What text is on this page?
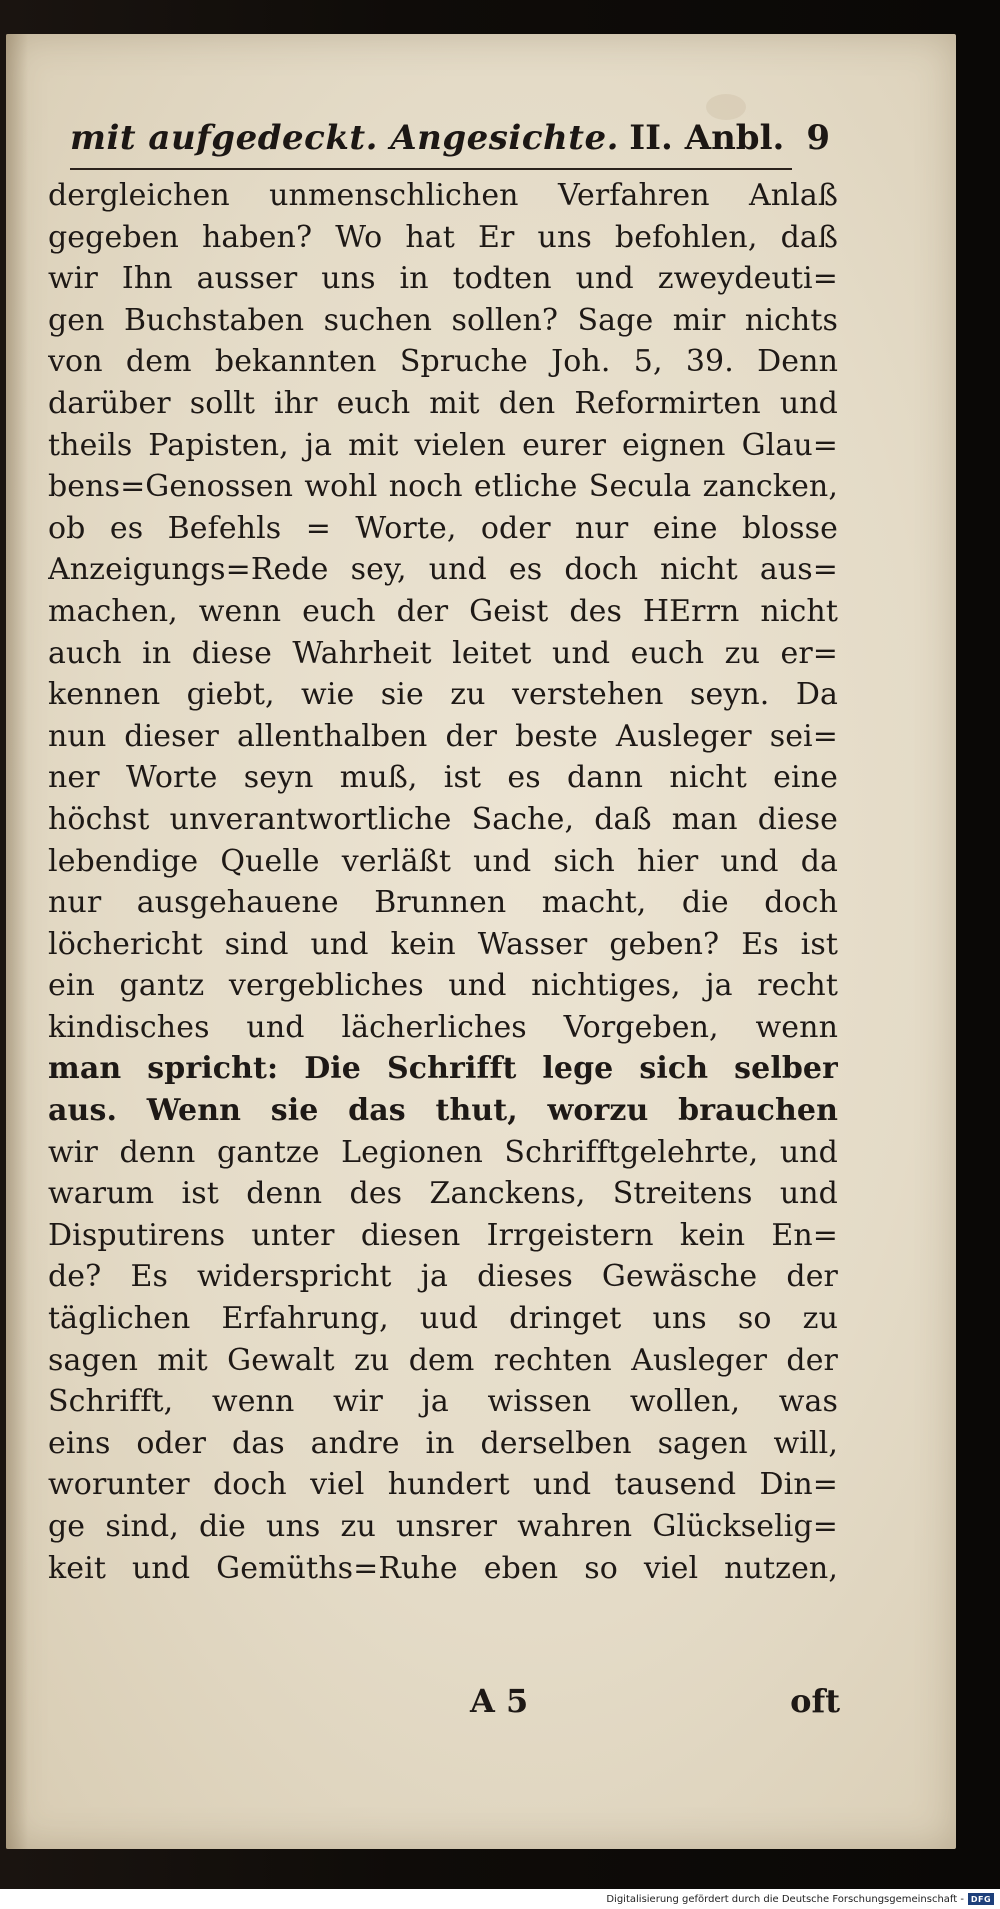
mit aufgedeckt. Angesichte. II. Anbl. 9
dergleichen unmenschlichen Verfahren Anlaß
gegeben haben? Wo hat Er uns befohlen, daß
wir Ihn ausser uns in todten und zweydeuti=
gen Buchstaben suchen sollen? Sage mir nichts
von dem bekannten Spruche Joh. 5, 39. Denn
darüber sollt ihr euch mit den Reformirten und
theils Papisten, ja mit vielen eurer eignen Glau=
bens=Genossen wohl noch etliche Secula zancken,
ob es Befehls = Worte, oder nur eine blosse
Anzeigungs=Rede sey, und es doch nicht aus=
machen, wenn euch der Geist des HErrn nicht
auch in diese Wahrheit leitet und euch zu er=
kennen giebt, wie sie zu verstehen seyn. Da
nun dieser allenthalben der beste Ausleger sei=
ner Worte seyn muß, ist es dann nicht eine
höchst unverantwortliche Sache, daß man diese
lebendige Quelle verläßt und sich hier und da
nur ausgehauene Brunnen macht, die doch
löchericht sind und kein Wasser geben? Es ist
ein gantz vergebliches und nichtiges, ja recht
kindisches und lächerliches Vorgeben, wenn
man spricht: Die Schrifft lege sich selber
aus. Wenn sie das thut, worzu brauchen
wir denn gantze Legionen Schrifftgelehrte, und
warum ist denn des Zanckens, Streitens und
Disputirens unter diesen Irrgeistern kein En=
de? Es widerspricht ja dieses Gewäsche der
täglichen Erfahrung, uud dringet uns so zu
sagen mit Gewalt zu dem rechten Ausleger der
Schrifft, wenn wir ja wissen wollen, was
eins oder das andre in derselben sagen will,
worunter doch viel hundert und tausend Din=
ge sind, die uns zu unsrer wahren Glückselig=
keit und Gemüths=Ruhe eben so viel nutzen,
A 5	oft
Digitalisierung gefördert durch die Deutsche Forschungsgemeinschaft - DFG
